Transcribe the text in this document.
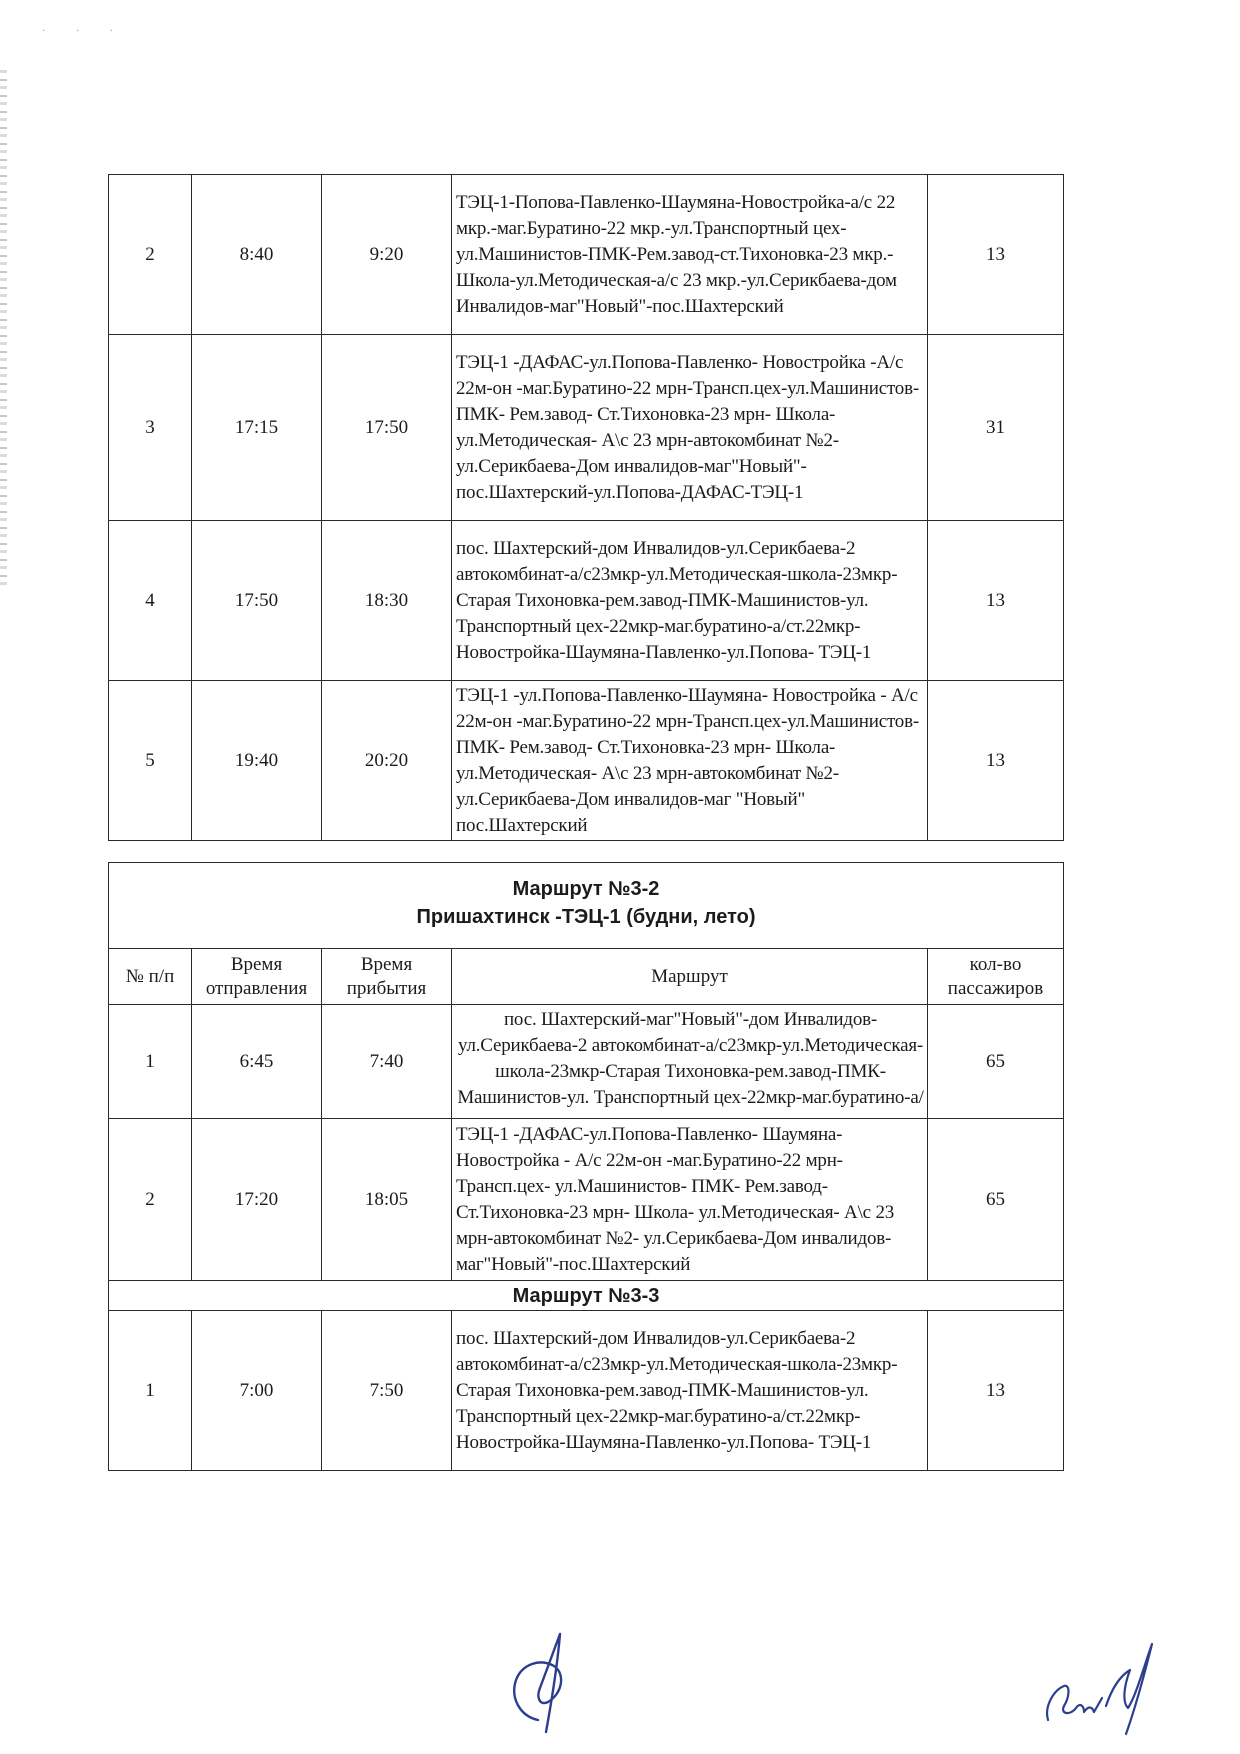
· · ·
2	8:40	9:20	ТЭЦ-1-Попова-Павленко-Шаумяна-Новостройка-а/с 22 мкр.-маг.Буратино-22 мкр.-ул.Транспортный цех-ул.Машинистов-ПМК-Рем.завод-ст.Тихоновка-23 мкр.-Школа-ул.Методическая-а/с 23 мкр.-ул.Серикбаева-дом Инвалидов-маг"Новый"-пос.Шахтерский	13
3	17:15	17:50	ТЭЦ-1 -ДАФАС-ул.Попова-Павленко- Новостройка -А/с 22м-он -маг.Буратино-22 мрн-Трансп.цех-ул.Машинистов- ПМК- Рем.завод- Ст.Тихоновка-23 мрн- Школа- ул.Методическая- А\с 23 мрн-автокомбинат №2- ул.Серикбаева-Дом инвалидов-маг"Новый"- пос.Шахтерский-ул.Попова-ДАФАС-ТЭЦ-1	31
4	17:50	18:30	пос. Шахтерский-дом Инвалидов-ул.Серикбаева-2 автокомбинат-а/с23мкр-ул.Методическая-школа-23мкр-Старая Тихоновка-рем.завод-ПМК-Машинистов-ул. Транспортный цех-22мкр-маг.буратино-а/ст.22мкр-Новостройка-Шаумяна-Павленко-ул.Попова- ТЭЦ-1	13
5	19:40	20:20	ТЭЦ-1 -ул.Попова-Павленко-Шаумяна- Новостройка - А/с 22м-он -маг.Буратино-22 мрн-Трансп.цех-ул.Машинистов- ПМК- Рем.завод- Ст.Тихоновка-23 мрн- Школа- ул.Методическая- А\с 23 мрн-автокомбинат №2- ул.Серикбаева-Дом инвалидов-маг "Новый" пос.Шахтерский	13
Маршрут №3-2
Пришахтинск -ТЭЦ-1 (будни, лето)				

№ п/п	Время отправления	Время прибытия	Маршрут	кол-во пассажиров
1	6:45	7:40	пос. Шахтерский-маг"Новый"-дом Инвалидов-ул.Серикбаева-2 автокомбинат-а/с23мкр-ул.Методическая-школа-23мкр-Старая Тихоновка-рем.завод-ПМК-Машинистов-ул. Транспортный цех-22мкр-маг.буратино-а/	65
2	17:20	18:05	ТЭЦ-1 -ДАФАС-ул.Попова-Павленко- Шаумяна-Новостройка - А/с 22м-он -маг.Буратино-22 мрн-Трансп.цех- ул.Машинистов- ПМК- Рем.завод-Ст.Тихоновка-23 мрн- Школа- ул.Методическая- А\с 23 мрн-автокомбинат №2- ул.Серикбаева-Дом инвалидов- маг"Новый"-пос.Шахтерский	65
Маршрут №3-3				
1	7:00	7:50	пос. Шахтерский-дом Инвалидов-ул.Серикбаева-2 автокомбинат-а/с23мкр-ул.Методическая-школа-23мкр-Старая Тихоновка-рем.завод-ПМК-Машинистов-ул. Транспортный цех-22мкр-маг.буратино-а/ст.22мкр-Новостройка-Шаумяна-Павленко-ул.Попова- ТЭЦ-1	13
